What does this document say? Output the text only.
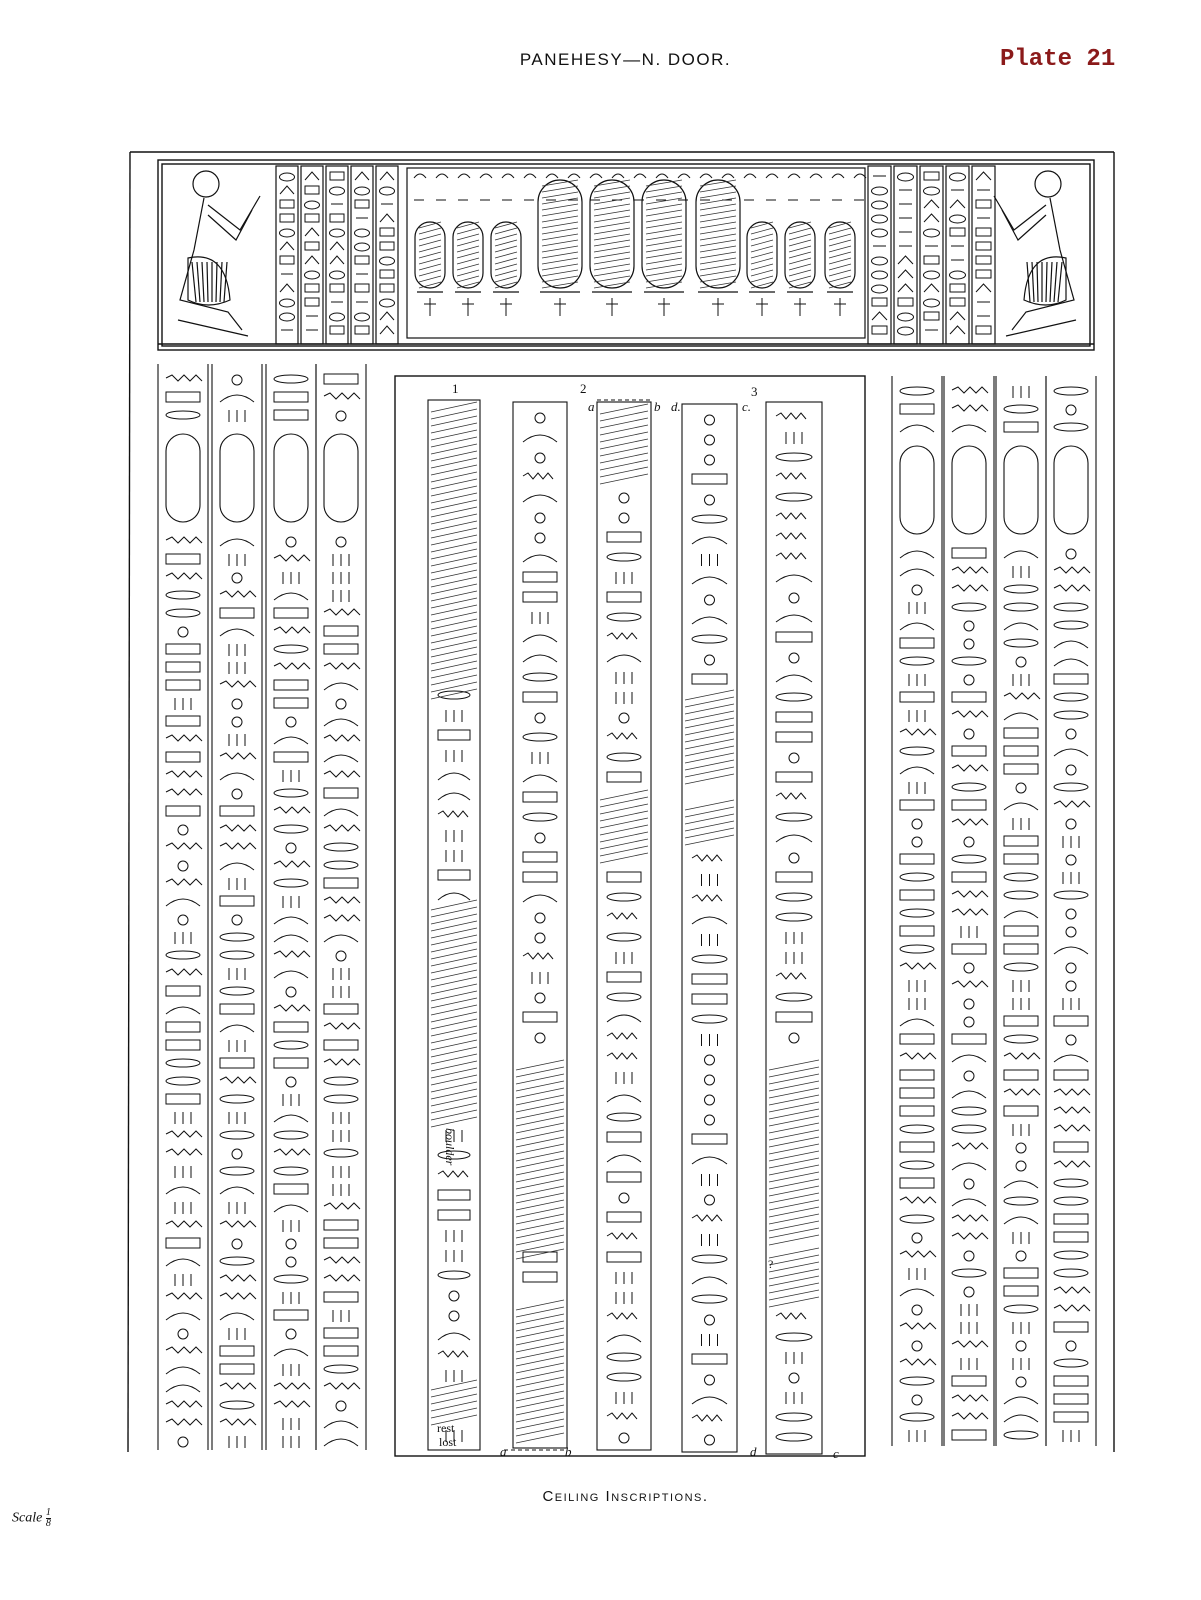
PANEHESY—N. DOOR.	Plate 21
1	2	3
a	b d.	c.
a	b	d	c
boulder
rest
lost
?
Ceiling Inscriptions.
Scale $\frac{1}{8}$
